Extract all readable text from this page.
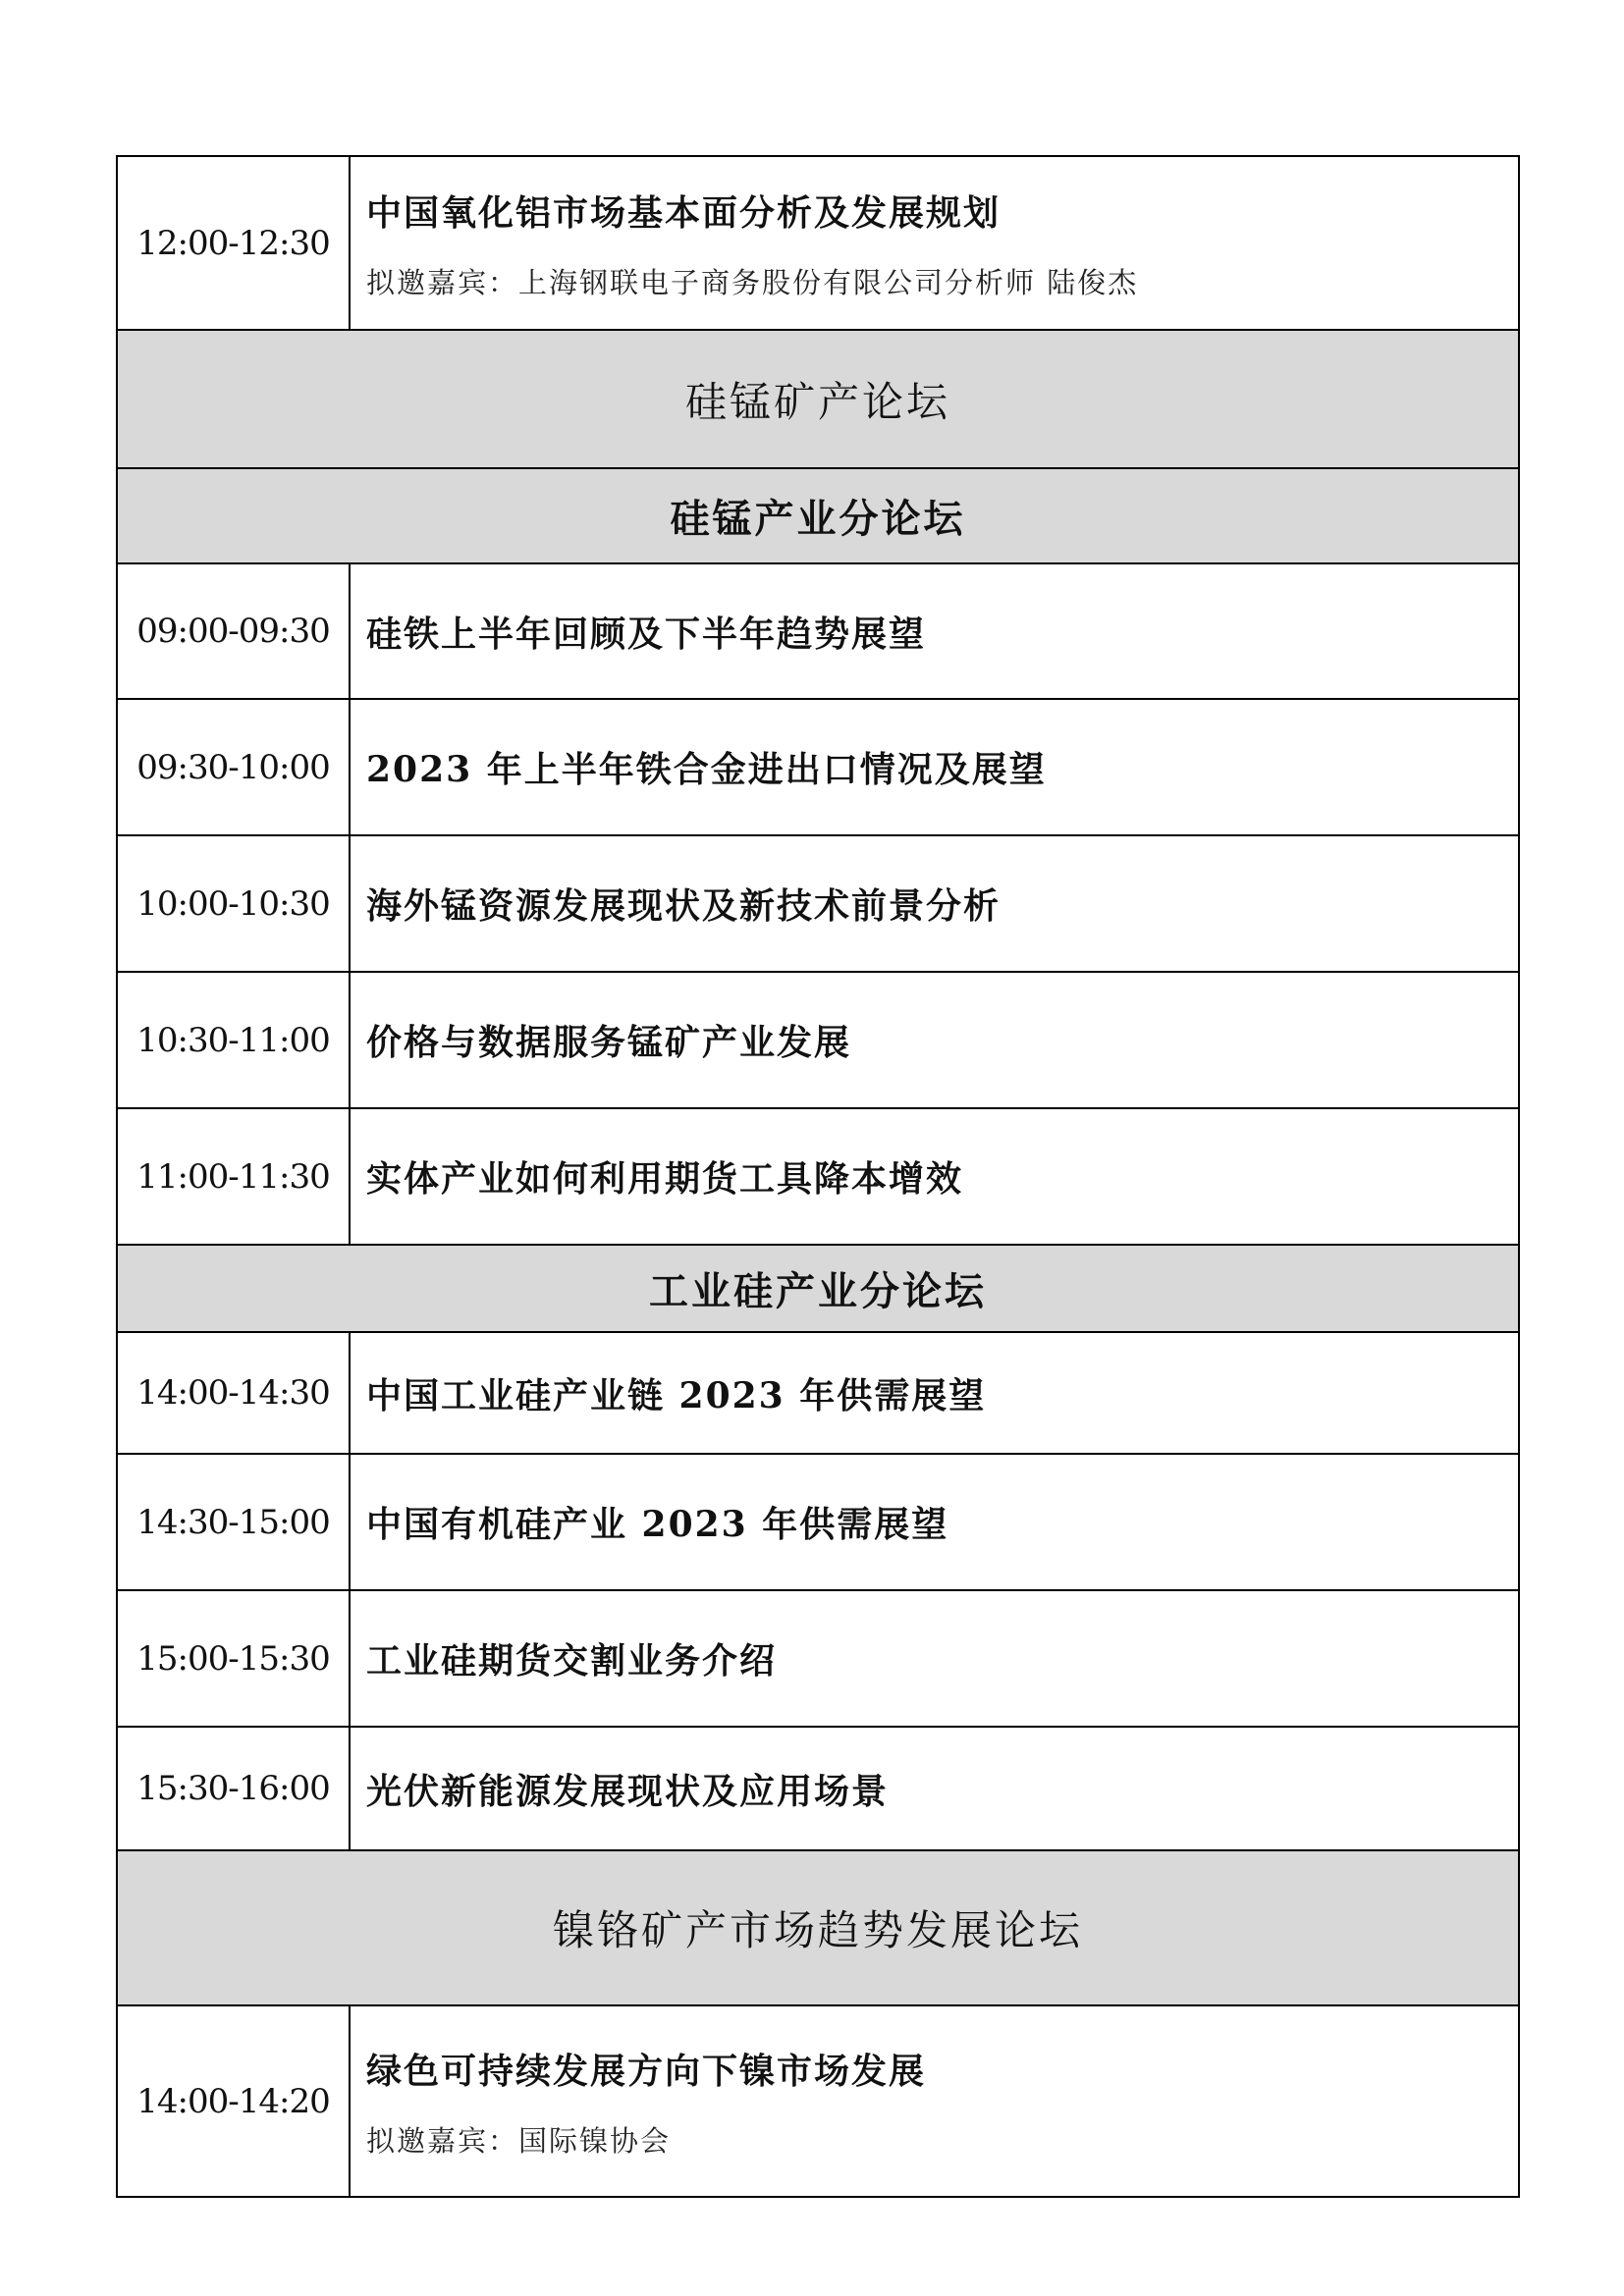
12:00-12:30	中国氧化铝市场基本面分析及发展规划
拟邀嘉宾：上海钢联电子商务股份有限公司分析师 陆俊杰

硅锰矿产论坛	
硅锰产业分论坛	
09:00-09:30	硅铁上半年回顾及下半年趋势展望

09:30-10:00	2023 年上半年铁合金进出口情况及展望

10:00-10:30	海外锰资源发展现状及新技术前景分析

10:30-11:00	价格与数据服务锰矿产业发展

11:00-11:30	实体产业如何利用期货工具降本增效

工业硅产业分论坛	
14:00-14:30	中国工业硅产业链 2023 年供需展望

14:30-15:00	中国有机硅产业 2023 年供需展望

15:00-15:30	工业硅期货交割业务介绍

15:30-16:00	光伏新能源发展现状及应用场景

镍铬矿产市场趋势发展论坛	
14:00-14:20	绿色可持续发展方向下镍市场发展
拟邀嘉宾：国际镍协会
